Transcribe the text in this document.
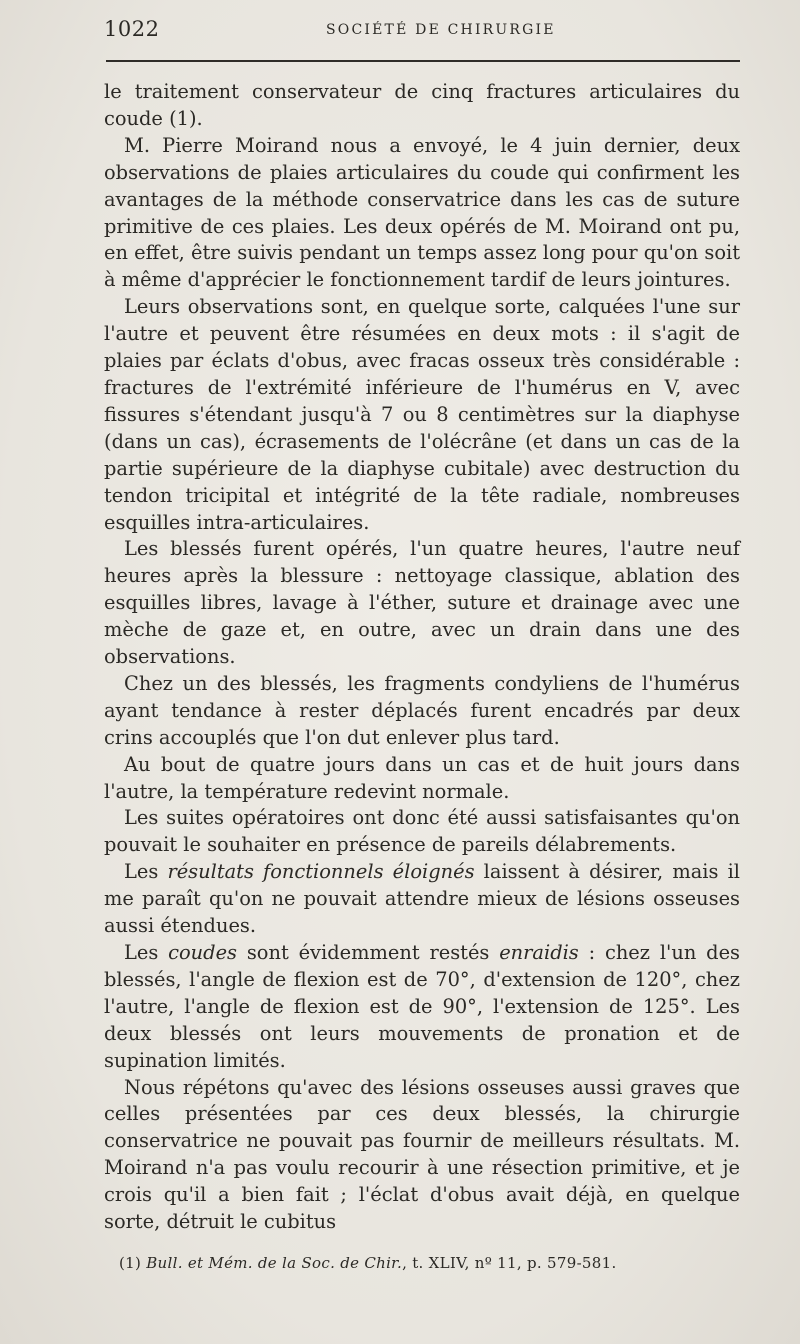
1022	SOCIÉTÉ DE CHIRURGIE

le traitement conservateur de cinq fractures articulaires du coude (1).

M. Pierre Moirand nous a envoyé, le 4 juin dernier, deux observations de plaies articulaires du coude qui confirment les avantages de la méthode conservatrice dans les cas de suture primitive de ces plaies. Les deux opérés de M. Moirand ont pu, en effet, être suivis pendant un temps assez long pour qu'on soit à même d'apprécier le fonctionnement tardif de leurs jointures.

Leurs observations sont, en quelque sorte, calquées l'une sur l'autre et peuvent être résumées en deux mots : il s'agit de plaies par éclats d'obus, avec fracas osseux très considérable : fractures de l'extrémité inférieure de l'humérus en V, avec fissures s'étendant jusqu'à 7 ou 8 centimètres sur la diaphyse (dans un cas), écrasements de l'olécrâne (et dans un cas de la partie supérieure de la diaphyse cubitale) avec destruction du tendon tricipital et intégrité de la tête radiale, nombreuses esquilles intra-articulaires.

Les blessés furent opérés, l'un quatre heures, l'autre neuf heures après la blessure : nettoyage classique, ablation des esquilles libres, lavage à l'éther, suture et drainage avec une mèche de gaze et, en outre, avec un drain dans une des observations.

Chez un des blessés, les fragments condyliens de l'humérus ayant tendance à rester déplacés furent encadrés par deux crins accouplés que l'on dut enlever plus tard.

Au bout de quatre jours dans un cas et de huit jours dans l'autre, la température redevint normale.

Les suites opératoires ont donc été aussi satisfaisantes qu'on pouvait le souhaiter en présence de pareils délabrements.

Les résultats fonctionnels éloignés laissent à désirer, mais il me paraît qu'on ne pouvait attendre mieux de lésions osseuses aussi étendues.

Les coudes sont évidemment restés enraidis : chez l'un des blessés, l'angle de flexion est de 70°, d'extension de 120°, chez l'autre, l'angle de flexion est de 90°, l'extension de 125°. Les deux blessés ont leurs mouvements de pronation et de supination limités.

Nous répétons qu'avec des lésions osseuses aussi graves que celles présentées par ces deux blessés, la chirurgie conservatrice ne pouvait pas fournir de meilleurs résultats. M. Moirand n'a pas voulu recourir à une résection primitive, et je crois qu'il a bien fait ; l'éclat d'obus avait déjà, en quelque sorte, détruit le cubitus

(1) Bull. et Mém. de la Soc. de Chir., t. XLIV, nº 11, p. 579-581.
